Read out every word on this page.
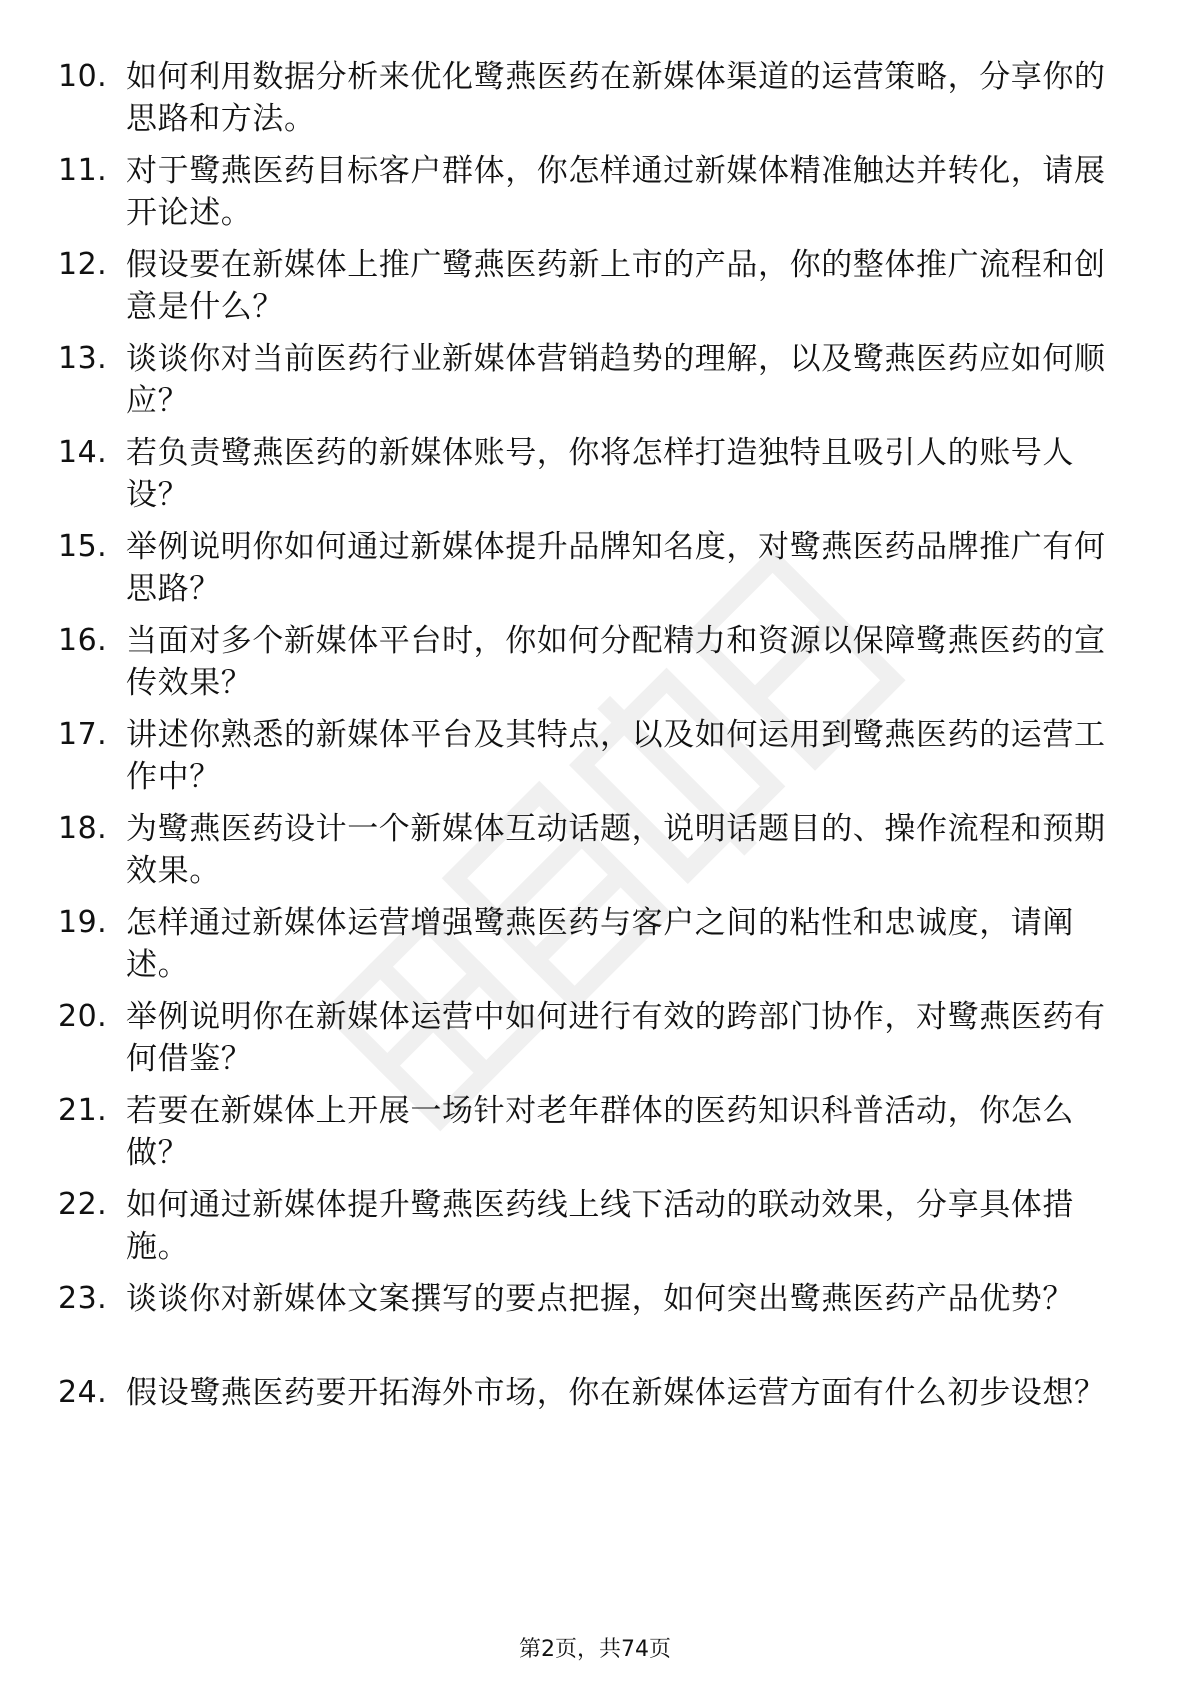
10. 如何利用数据分析来优化鹭燕医药在新媒体渠道的运营策略，分享你的思路和方法。
11. 对于鹭燕医药目标客户群体，你怎样通过新媒体精准触达并转化，请展开论述。
12. 假设要在新媒体上推广鹭燕医药新上市的产品，你的整体推广流程和创意是什么？
13. 谈谈你对当前医药行业新媒体营销趋势的理解，以及鹭燕医药应如何顺应？
14. 若负责鹭燕医药的新媒体账号，你将怎样打造独特且吸引人的账号人设？
15. 举例说明你如何通过新媒体提升品牌知名度，对鹭燕医药品牌推广有何思路？
16. 当面对多个新媒体平台时，你如何分配精力和资源以保障鹭燕医药的宣传效果？
17. 讲述你熟悉的新媒体平台及其特点，以及如何运用到鹭燕医药的运营工作中？
18. 为鹭燕医药设计一个新媒体互动话题，说明话题目的、操作流程和预期效果。
19. 怎样通过新媒体运营增强鹭燕医药与客户之间的粘性和忠诚度，请阐述。
20. 举例说明你在新媒体运营中如何进行有效的跨部门协作，对鹭燕医药有何借鉴？
21. 若要在新媒体上开展一场针对老年群体的医药知识科普活动，你怎么做？
22. 如何通过新媒体提升鹭燕医药线上线下活动的联动效果，分享具体措施。
23. 谈谈你对新媒体文案撰写的要点把握，如何突出鹭燕医药产品优势？
24. 假设鹭燕医药要开拓海外市场，你在新媒体运营方面有什么初步设想？
第2页，共74页
